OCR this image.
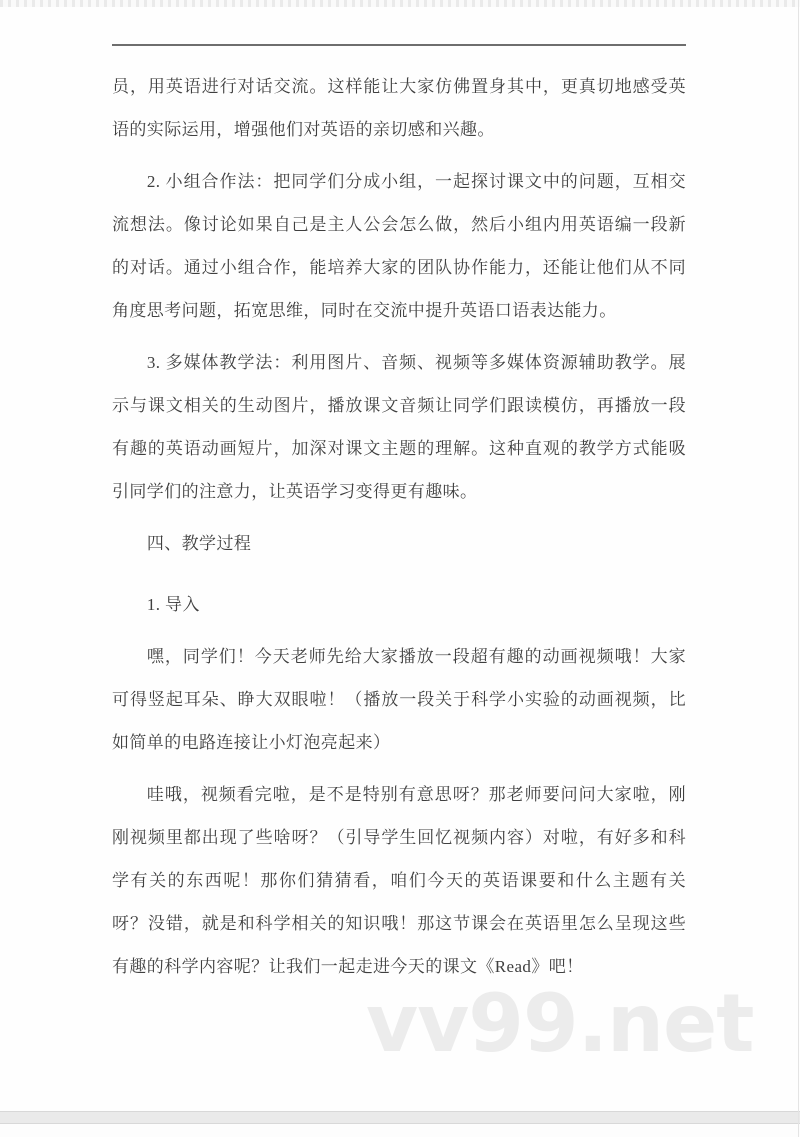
员，用英语进行对话交流。这样能让大家仿佛置身其中，更真切地感受英语的实际运用，增强他们对英语的亲切感和兴趣。

2. 小组合作法：把同学们分成小组，一起探讨课文中的问题，互相交流想法。像讨论如果自己是主人公会怎么做，然后小组内用英语编一段新的对话。通过小组合作，能培养大家的团队协作能力，还能让他们从不同角度思考问题，拓宽思维，同时在交流中提升英语口语表达能力。

3. 多媒体教学法：利用图片、音频、视频等多媒体资源辅助教学。展示与课文相关的生动图片，播放课文音频让同学们跟读模仿，再播放一段有趣的英语动画短片，加深对课文主题的理解。这种直观的教学方式能吸引同学们的注意力，让英语学习变得更有趣味。

四、教学过程

1. 导入

嘿，同学们！今天老师先给大家播放一段超有趣的动画视频哦！大家可得竖起耳朵、睁大双眼啦！（播放一段关于科学小实验的动画视频，比如简单的电路连接让小灯泡亮起来）

哇哦，视频看完啦，是不是特别有意思呀？那老师要问问大家啦，刚刚视频里都出现了些啥呀？（引导学生回忆视频内容）对啦，有好多和科学有关的东西呢！那你们猜猜看，咱们今天的英语课要和什么主题有关呀？没错，就是和科学相关的知识哦！那这节课会在英语里怎么呈现这些有趣的科学内容呢？让我们一起走进今天的课文《Read》吧！

vv99.net
